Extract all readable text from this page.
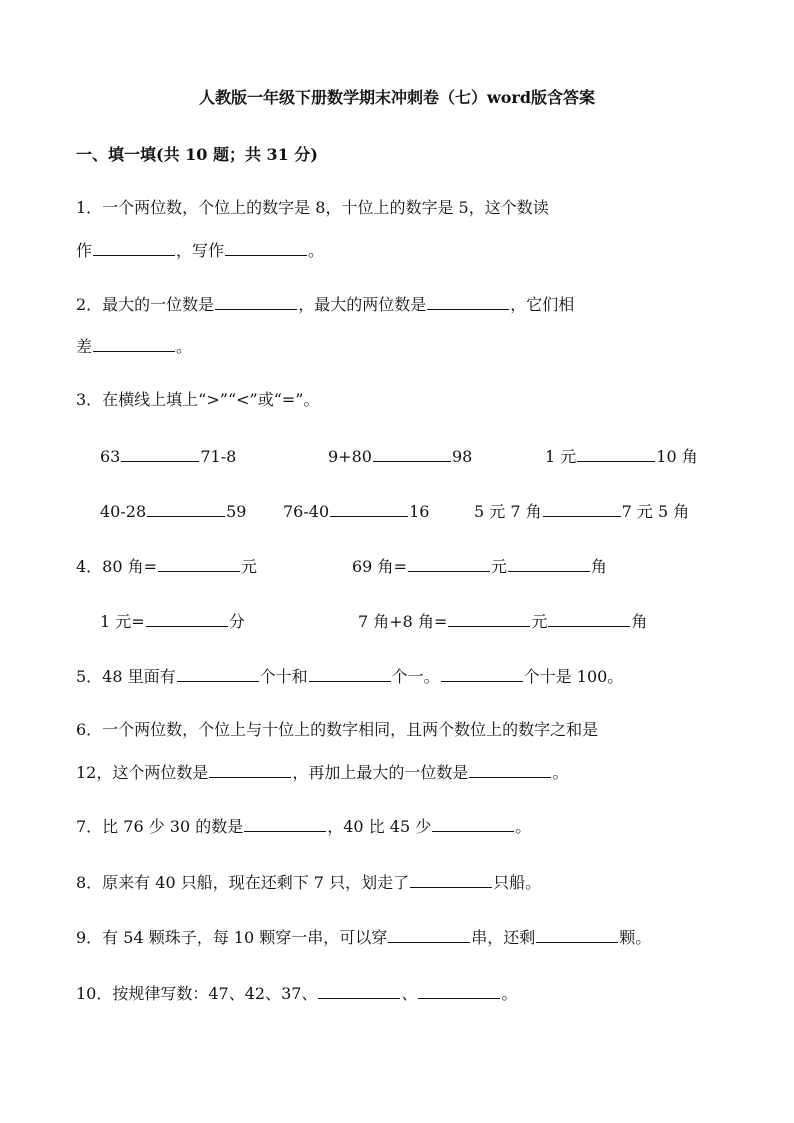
人教版一年级下册数学期末冲刺卷（七）word版含答案
一、填一填(共 10 题；共 31 分)
1．一个两位数，个位上的数字是 8，十位上的数字是 5，这个数读
作	，写作	。
2．最大的一位数是	，最大的两位数是	，它们相
差	。
3．在横线上填上“>”“<”或“=”。
63	71-8	9+80	98	1 元	10 角
40-28	59 76-40	16	5 元 7 角	7 元 5 角
4．80 角=	元	69 角=	元	角
1 元=	分	7 角+8 角=	元	角
5．48 里面有	个十和	个一。	个十是 100。
6．一个两位数，个位上与十位上的数字相同，且两个数位上的数字之和是
12，这个两位数是	，再加上最大的一位数是	。
7．比 76 少 30 的数是	，40 比 45 少	。
8．原来有 40 只船，现在还剩下 7 只，划走了	只船。
9．有 54 颗珠子，每 10 颗穿一串，可以穿	串，还剩	颗。
10．按规律写数：47、42、37、	、	。
